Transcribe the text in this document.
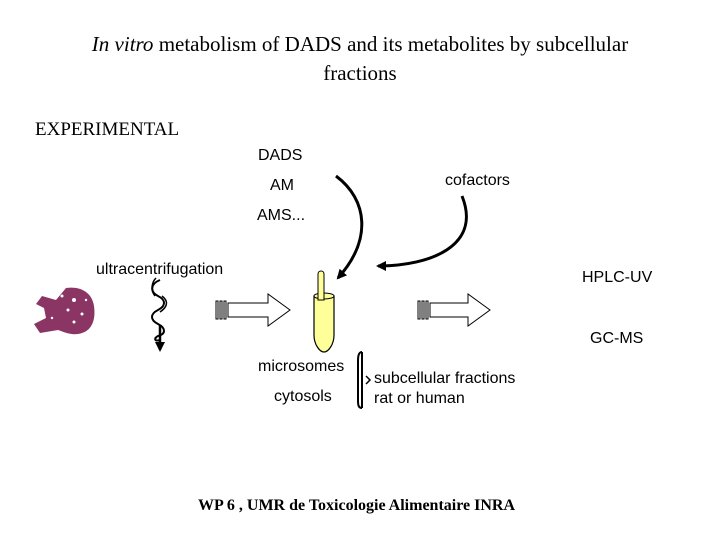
In vitro metabolism of DADS and its metabolites by subcellular
fractions
EXPERIMENTAL
DADS
AM
AMS...
cofactors
ultracentrifugation	HPLC-UV
GC-MS
microsomes
cytosols
subcellular fractions
rat or human
WP 6 , UMR de Toxicologie Alimentaire INRA
